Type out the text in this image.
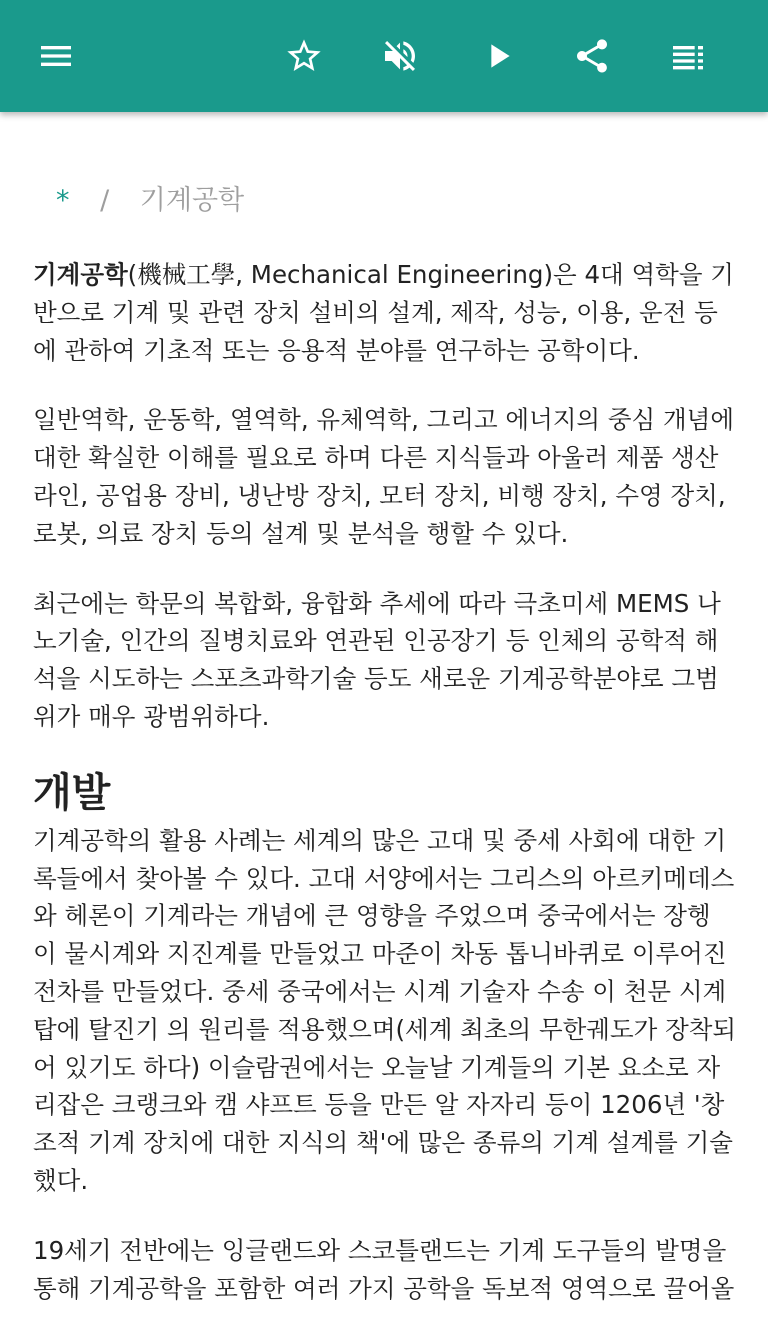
* / 기계공학

기계공학(機械工學, Mechanical Engineering)은 4대 역학을 기반으로 기계 및 관련 장치 설비의 설계, 제작, 성능, 이용, 운전 등에 관하여 기초적 또는 응용적 분야를 연구하는 공학이다.

일반역학, 운동학, 열역학, 유체역학, 그리고 에너지의 중심 개념에 대한 확실한 이해를 필요로 하며 다른 지식들과 아울러 제품 생산 라인, 공업용 장비, 냉난방 장치, 모터 장치, 비행 장치, 수영 장치, 로봇, 의료 장치 등의 설계 및 분석을 행할 수 있다.

최근에는 학문의 복합화, 융합화 추세에 따라 극초미세 MEMS 나노기술, 인간의 질병치료와 연관된 인공장기 등 인체의 공학적 해석을 시도하는 스포츠과학기술 등도 새로운 기계공학분야로 그범위가 매우 광범위하다.

개발

기계공학의 활용 사례는 세계의 많은 고대 및 중세 사회에 대한 기록들에서 찾아볼 수 있다. 고대 서양에서는 그리스의 아르키메데스와 헤론이 기계라는 개념에 큰 영향을 주었으며 중국에서는 장헹 이 물시계와 지진계를 만들었고 마준이 차동 톱니바퀴로 이루어진 전차를 만들었다. 중세 중국에서는 시계 기술자 수송 이 천문 시계탑에 탈진기 의 원리를 적용했으며(세계 최초의 무한궤도가 장착되어 있기도 하다) 이슬람권에서는 오늘날 기계들의 기본 요소로 자리잡은 크랭크와 캠 샤프트 등을 만든 알 자자리 등이 1206년 '창조적 기계 장치에 대한 지식의 책'에 많은 종류의 기계 설계를 기술했다.

19세기 전반에는 잉글랜드와 스코틀랜드는 기계 도구들의 발명을 통해 기계공학을 포함한 여러 가지 공학을 독보적 영역으로 끌어올
